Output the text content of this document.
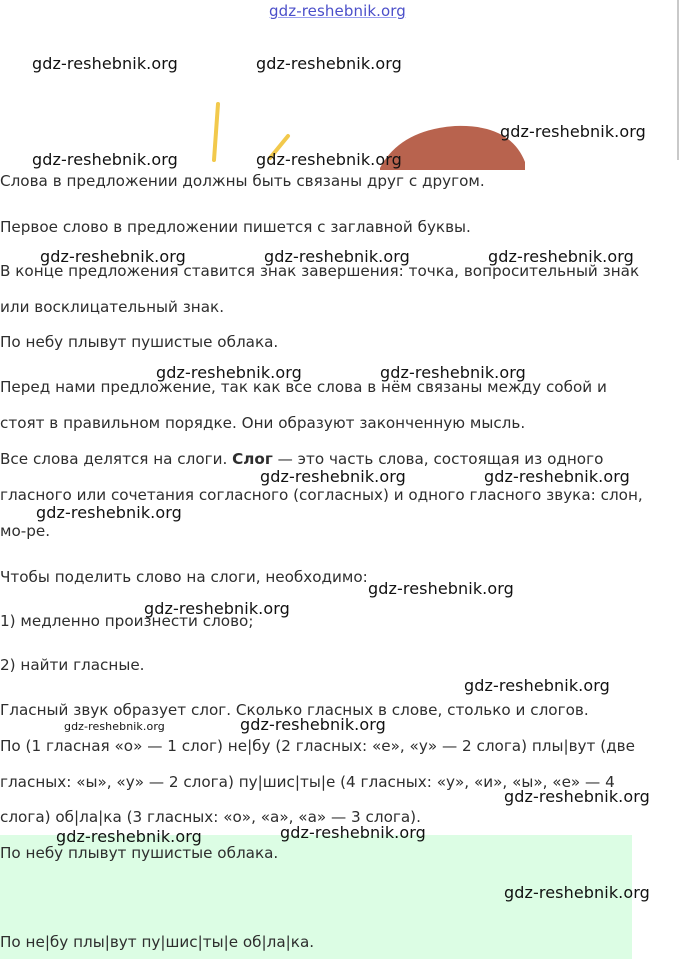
gdz-reshebnik.org
gdz-reshebnik.org	gdz-reshebnik.org
gdz-reshebnik.org
gdz-reshebnik.org	gdz-reshebnik.org
Слова в предложении должны быть связаны друг с другом.
Первое слово в предложении пишется с заглавной буквы.
gdz-reshebnik.org	gdz-reshebnik.org	gdz-reshebnik.org
В конце предложения ставится знак завершения: точка, вопросительный знак
или восклицательный знак.
По небу плывут пушистые облака.
gdz-reshebnik.org	gdz-reshebnik.org
Перед нами предложение, так как все слова в нём связаны между собой и
стоят в правильном порядке. Они образуют законченную мысль.
Все слова делятся на слоги. Слог — это часть слова, состоящая из одного
gdz-reshebnik.org	gdz-reshebnik.org
гласного или сочетания согласного (согласных) и одного гласного звука: слон,
gdz-reshebnik.org
мо-ре.
Чтобы поделить слово на слоги, необходимо:
gdz-reshebnik.org
gdz-reshebnik.org
1) медленно произнести слово;
2) найти гласные.
gdz-reshebnik.org
Гласный звук образует слог. Сколько гласных в слове, столько и слогов.
gdz-reshebnik.org	gdz-reshebnik.org
По (1 гласная «о» — 1 слог) не|бу (2 гласных: «е», «у» — 2 слога) плы|вут (две
гласных: «ы», «у» — 2 слога) пу|шис|ты|е (4 гласных: «у», «и», «ы», «е» — 4
gdz-reshebnik.org
слога) об|ла|ка (3 гласных: «о», «а», «а» — 3 слога).
gdz-reshebnik.org	gdz-reshebnik.org
По небу плывут пушистые облака.
gdz-reshebnik.org
По не|бу плы|вут пу|шис|ты|е об|ла|ка.
